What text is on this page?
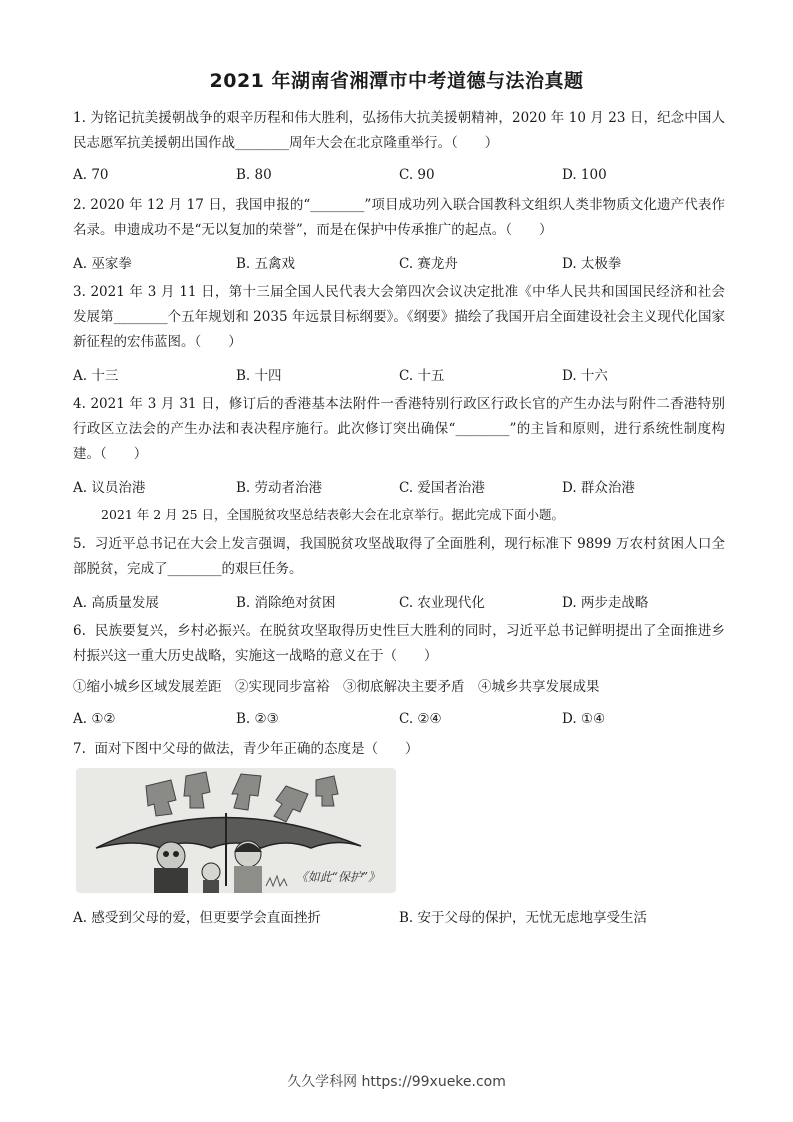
2021 年湖南省湘潭市中考道德与法治真题

1. 为铭记抗美援朝战争的艰辛历程和伟大胜利，弘扬伟大抗美援朝精神，2020 年 10 月 23 日，纪念中国人民志愿军抗美援朝出国作战________周年大会在北京隆重举行。（　　）

A. 70	B. 80	C. 90	D. 100

2. 2020 年 12 月 17 日，我国申报的“________”项目成功列入联合国教科文组织人类非物质文化遗产代表作名录。申遗成功不是“无以复加的荣誉”，而是在保护中传承推广的起点。（　　）

A. 巫家拳	B. 五禽戏	C. 赛龙舟	D. 太极拳

3. 2021 年 3 月 11 日，第十三届全国人民代表大会第四次会议决定批准《中华人民共和国国民经济和社会发展第________个五年规划和 2035 年远景目标纲要》。《纲要》描绘了我国开启全面建设社会主义现代化国家新征程的宏伟蓝图。（　　）

A. 十三	B. 十四	C. 十五	D. 十六

4. 2021 年 3 月 31 日，修订后的香港基本法附件一香港特别行政区行政长官的产生办法与附件二香港特别行政区立法会的产生办法和表决程序施行。此次修订突出确保“________”的主旨和原则，进行系统性制度构建。（　　）

A. 议员治港	B. 劳动者治港	C. 爱国者治港	D. 群众治港

2021 年 2 月 25 日，全国脱贫攻坚总结表彰大会在北京举行。据此完成下面小题。

5.  习近平总书记在大会上发言强调，我国脱贫攻坚战取得了全面胜利，现行标准下 9899 万农村贫困人口全部脱贫，完成了________的艰巨任务。

A. 高质量发展	B. 消除绝对贫困	C. 农业现代化	D. 两步走战略

6.  民族要复兴，乡村必振兴。在脱贫攻坚取得历史性巨大胜利的同时，习近平总书记鲜明提出了全面推进乡村振兴这一重大历史战略，实施这一战略的意义在于（　　）

①缩小城乡区域发展差距　②实现同步富裕　③彻底解决主要矛盾　④城乡共享发展成果
A. ①②	B. ②③	C. ②④	D. ①④

7.  面对下图中父母的做法，青少年正确的态度是（　　）

《如此“保护”》
A. 感受到父母的爱，但更要学会直面挫折	B. 安于父母的保护，无忧无虑地享受生活
久久学科网 https://99xueke.com
